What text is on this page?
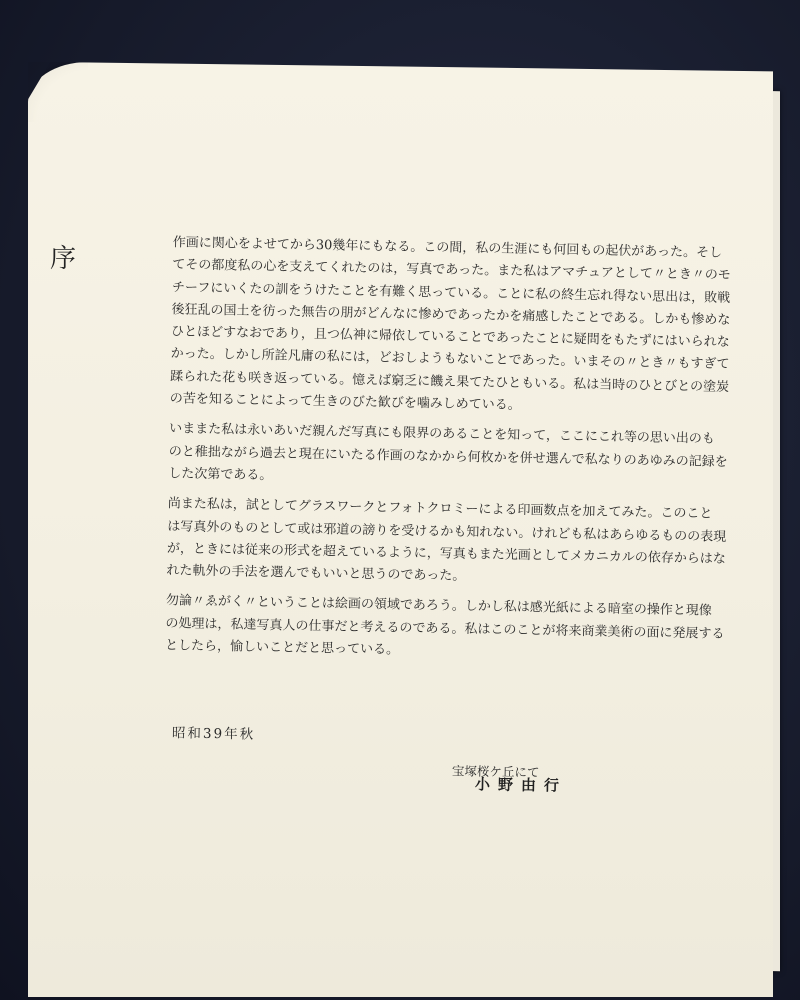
序	作画に関心をよせてから30幾年にもなる。この間，私の生涯にも何回もの起伏があった。そし
てその都度私の心を支えてくれたのは，写真であった。また私はアマチュアとして〃とき〃のモ
チーフにいくたの訓をうけたことを有難く思っている。ことに私の終生忘れ得ない思出は，敗戦
後狂乱の国土を彷った無告の朋がどんなに惨めであったかを痛感したことである。しかも惨めな
ひとほどすなおであり，且つ仏神に帰依していることであったことに疑問をもたずにはいられな
かった。しかし所詮凡庸の私には，どおしようもないことであった。いまその〃とき〃もすぎて
蹂られた花も咲き返っている。憶えば窮乏に饑え果てたひともいる。私は当時のひとびとの塗炭
の苦を知ることによって生きのびた歓びを噛みしめている。

いままた私は永いあいだ親んだ写真にも限界のあることを知って，ここにこれ等の思い出のも
のと稚拙ながら過去と現在にいたる作画のなかから何枚かを併せ選んで私なりのあゆみの記録を
した次第である。

尚また私は，試としてグラスワークとフォトクロミーによる印画数点を加えてみた。このこと
は写真外のものとして或は邪道の謗りを受けるかも知れない。けれども私はあらゆるものの表現
が，ときには従来の形式を超えているように，写真もまた光画としてメカニカルの依存からはな
れた軌外の手法を選んでもいいと思うのであった。

勿論〃ゑがく〃ということは絵画の領域であろう。しかし私は感光紙による暗室の操作と現像
の処理は，私達写真人の仕事だと考えるのである。私はこのことが将来商業美術の面に発展する
としたら，愉しいことだと思っている。

昭和39年秋
宝塚桜ケ丘にて
小野由行
